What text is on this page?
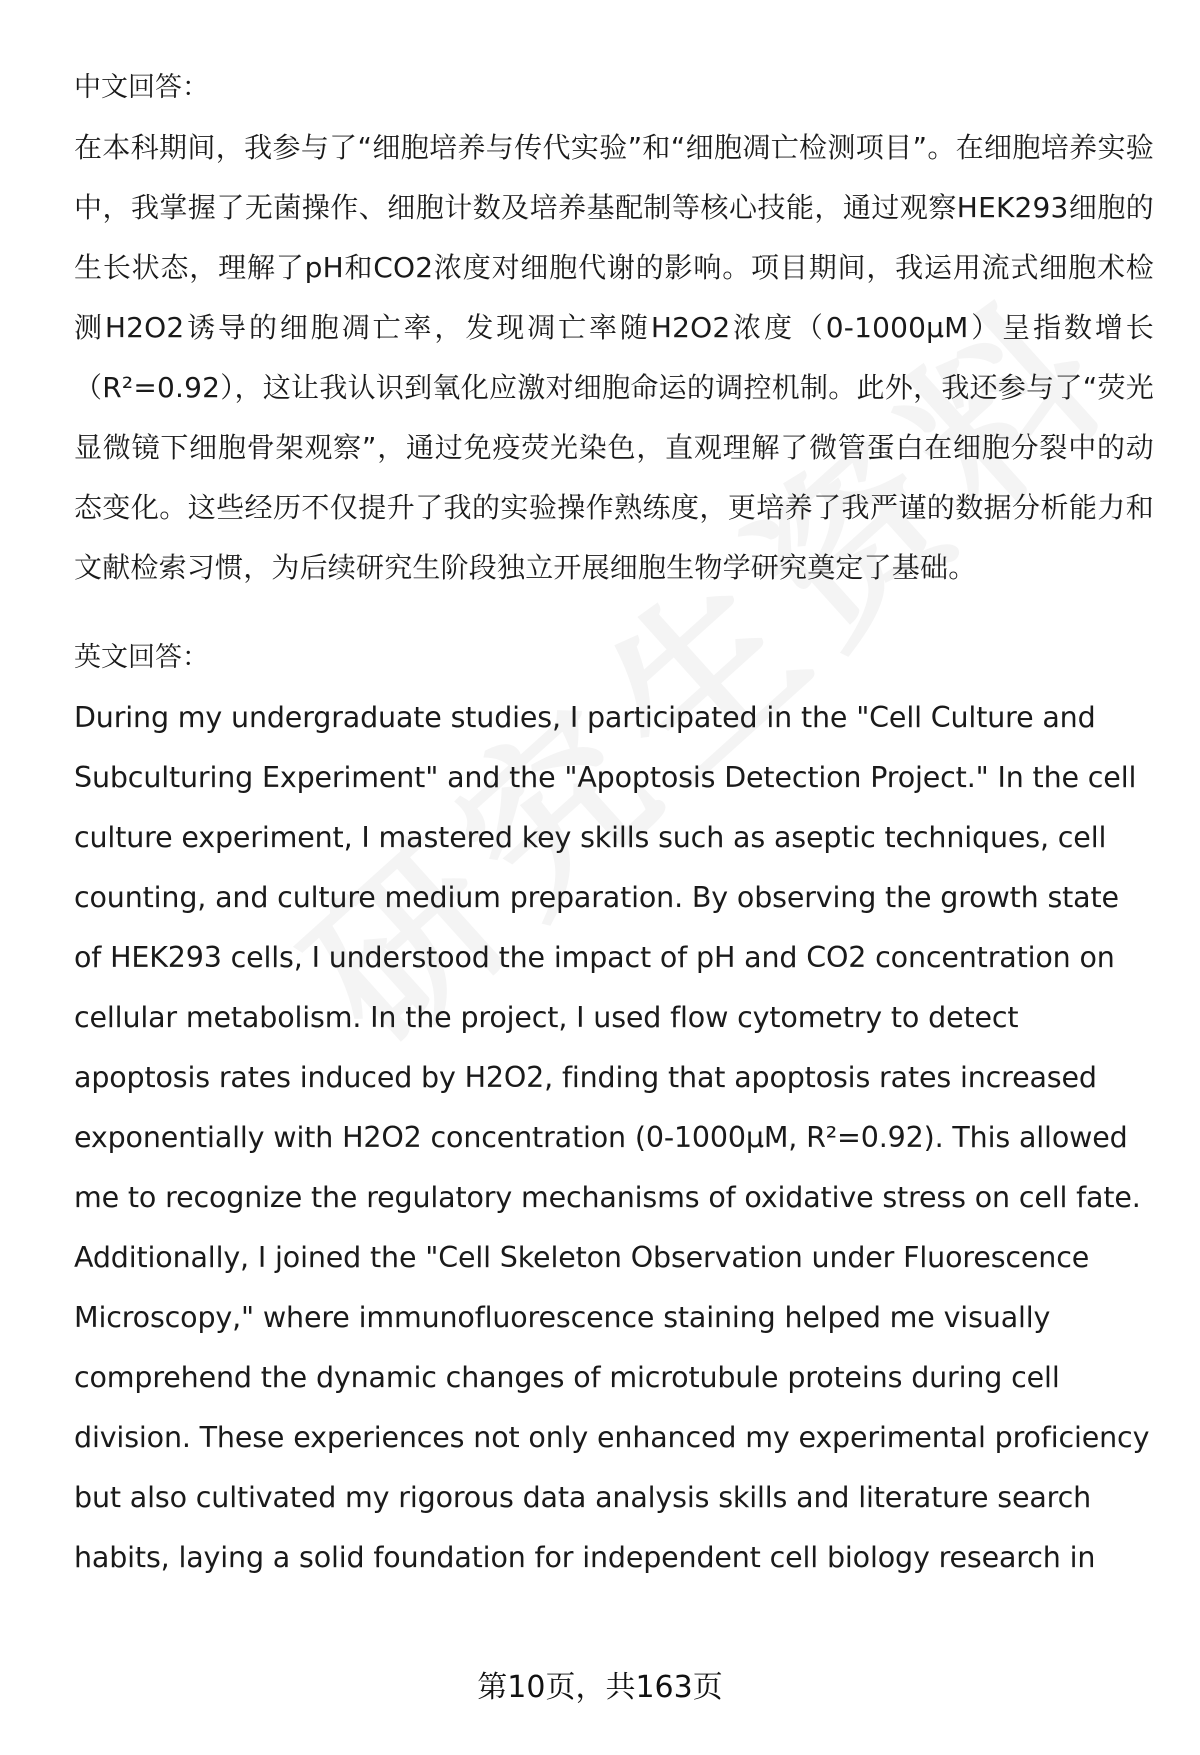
中文回答：

在本科期间，我参与了“细胞培养与传代实验”和“细胞凋亡检测项目”。在细胞培养实验中，我掌握了无菌操作、细胞计数及培养基配制等核心技能，通过观察HEK293细胞的生长状态，理解了pH和CO2浓度对细胞代谢的影响。项目期间，我运用流式细胞术检测H2O2诱导的细胞凋亡率，发现凋亡率随H2O2浓度（0-1000μM）呈指数增长（R²=0.92），这让我认识到氧化应激对细胞命运的调控机制。此外，我还参与了“荧光显微镜下细胞骨架观察”，通过免疫荧光染色，直观理解了微管蛋白在细胞分裂中的动态变化。这些经历不仅提升了我的实验操作熟练度，更培养了我严谨的数据分析能力和文献检索习惯，为后续研究生阶段独立开展细胞生物学研究奠定了基础。

英文回答：

During my undergraduate studies, I participated in the "Cell Culture and Subculturing Experiment" and the "Apoptosis Detection Project." In the cell culture experiment, I mastered key skills such as aseptic techniques, cell counting, and culture medium preparation. By observing the growth state of HEK293 cells, I understood the impact of pH and CO2 concentration on cellular metabolism. In the project, I used flow cytometry to detect apoptosis rates induced by H2O2, finding that apoptosis rates increased exponentially with H2O2 concentration (0-1000μM, R²=0.92). This allowed me to recognize the regulatory mechanisms of oxidative stress on cell fate. Additionally, I joined the "Cell Skeleton Observation under Fluorescence Microscopy," where immunofluorescence staining helped me visually comprehend the dynamic changes of microtubule proteins during cell division. These experiences not only enhanced my experimental proficiency but also cultivated my rigorous data analysis skills and literature search habits, laying a solid foundation for independent cell biology research in

第10页，共163页
